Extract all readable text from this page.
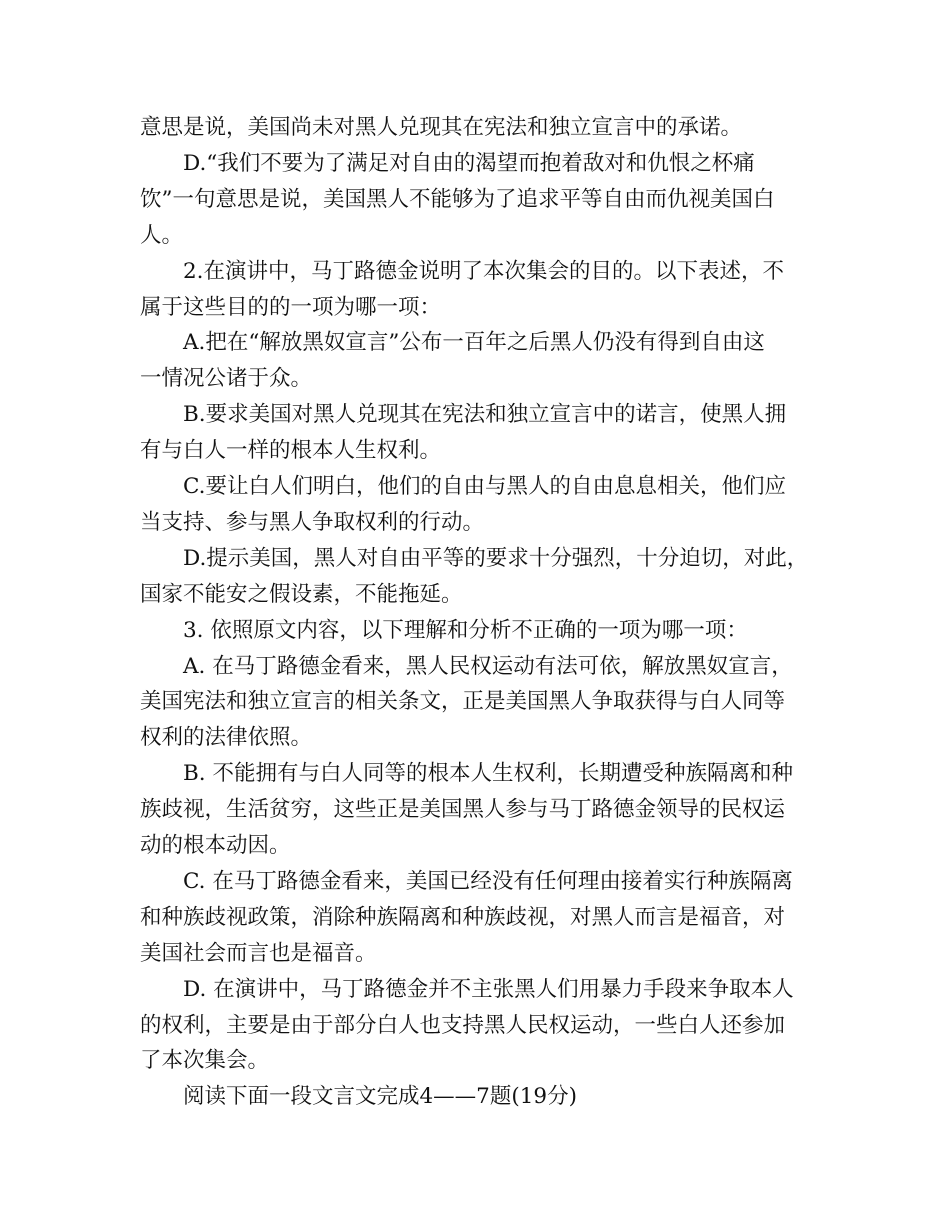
意思是说，美国尚未对黑人兑现其在宪法和独立宣言中的承诺。
D.“我们不要为了满足对自由的渴望而抱着敌对和仇恨之杯痛
饮”一句意思是说，美国黑人不能够为了追求平等自由而仇视美国白
人。
2.在演讲中，马丁路德金说明了本次集会的目的。以下表述，不
属于这些目的的一项为哪一项：
A.把在“解放黑奴宣言”公布一百年之后黑人仍没有得到自由这
一情况公诸于众。
B.要求美国对黑人兑现其在宪法和独立宣言中的诺言，使黑人拥
有与白人一样的根本人生权利。
C.要让白人们明白，他们的自由与黑人的自由息息相关，他们应
当支持、参与黑人争取权利的行动。
D.提示美国，黑人对自由平等的要求十分强烈，十分迫切，对此，
国家不能安之假设素，不能拖延。
3. 依照原文内容，以下理解和分析不正确的一项为哪一项：
A. 在马丁路德金看来，黑人民权运动有法可依，解放黑奴宣言，
美国宪法和独立宣言的相关条文，正是美国黑人争取获得与白人同等
权利的法律依照。
B. 不能拥有与白人同等的根本人生权利，长期遭受种族隔离和种
族歧视，生活贫穷，这些正是美国黑人参与马丁路德金领导的民权运
动的根本动因。
C. 在马丁路德金看来，美国已经没有任何理由接着实行种族隔离
和种族歧视政策，消除种族隔离和种族歧视，对黑人而言是福音，对
美国社会而言也是福音。
D. 在演讲中，马丁路德金并不主张黑人们用暴力手段来争取本人
的权利，主要是由于部分白人也支持黑人民权运动，一些白人还参加
了本次集会。
阅读下面一段文言文完成4——7题(19分)
